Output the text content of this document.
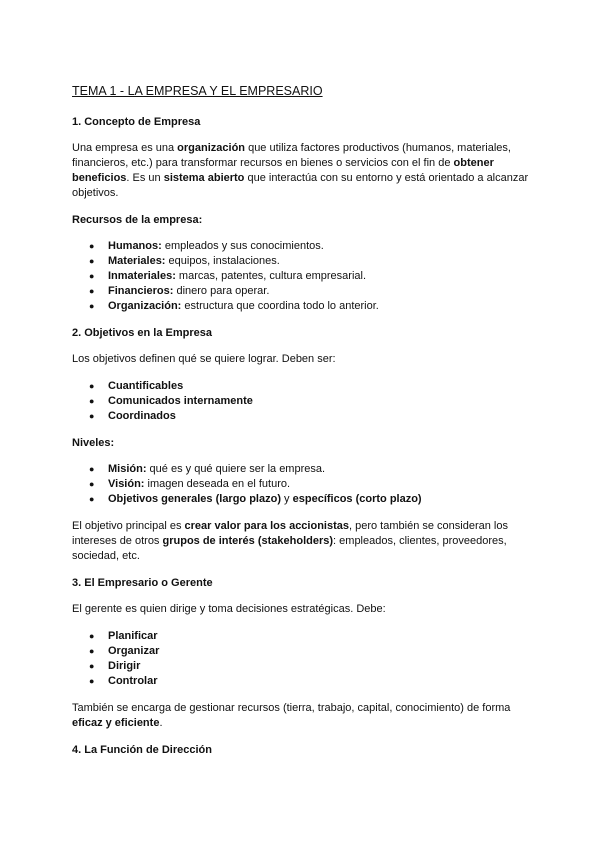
TEMA 1 - LA EMPRESA Y EL EMPRESARIO
1. Concepto de Empresa
Una empresa es una organización que utiliza factores productivos (humanos, materiales, financieros, etc.) para transformar recursos en bienes o servicios con el fin de obtener beneficios. Es un sistema abierto que interactúa con su entorno y está orientado a alcanzar objetivos.
Recursos de la empresa:
● Humanos: empleados y sus conocimientos.
● Materiales: equipos, instalaciones.
● Inmateriales: marcas, patentes, cultura empresarial.
● Financieros: dinero para operar.
● Organización: estructura que coordina todo lo anterior.
2. Objetivos en la Empresa
Los objetivos definen qué se quiere lograr. Deben ser:
● Cuantificables
● Comunicados internamente
● Coordinados
Niveles:
● Misión: qué es y qué quiere ser la empresa.
● Visión: imagen deseada en el futuro.
● Objetivos generales (largo plazo) y específicos (corto plazo)
El objetivo principal es crear valor para los accionistas, pero también se consideran los intereses de otros grupos de interés (stakeholders): empleados, clientes, proveedores, sociedad, etc.
3. El Empresario o Gerente
El gerente es quien dirige y toma decisiones estratégicas. Debe:
● Planificar
● Organizar
● Dirigir
● Controlar
También se encarga de gestionar recursos (tierra, trabajo, capital, conocimiento) de forma eficaz y eficiente.
4. La Función de Dirección
